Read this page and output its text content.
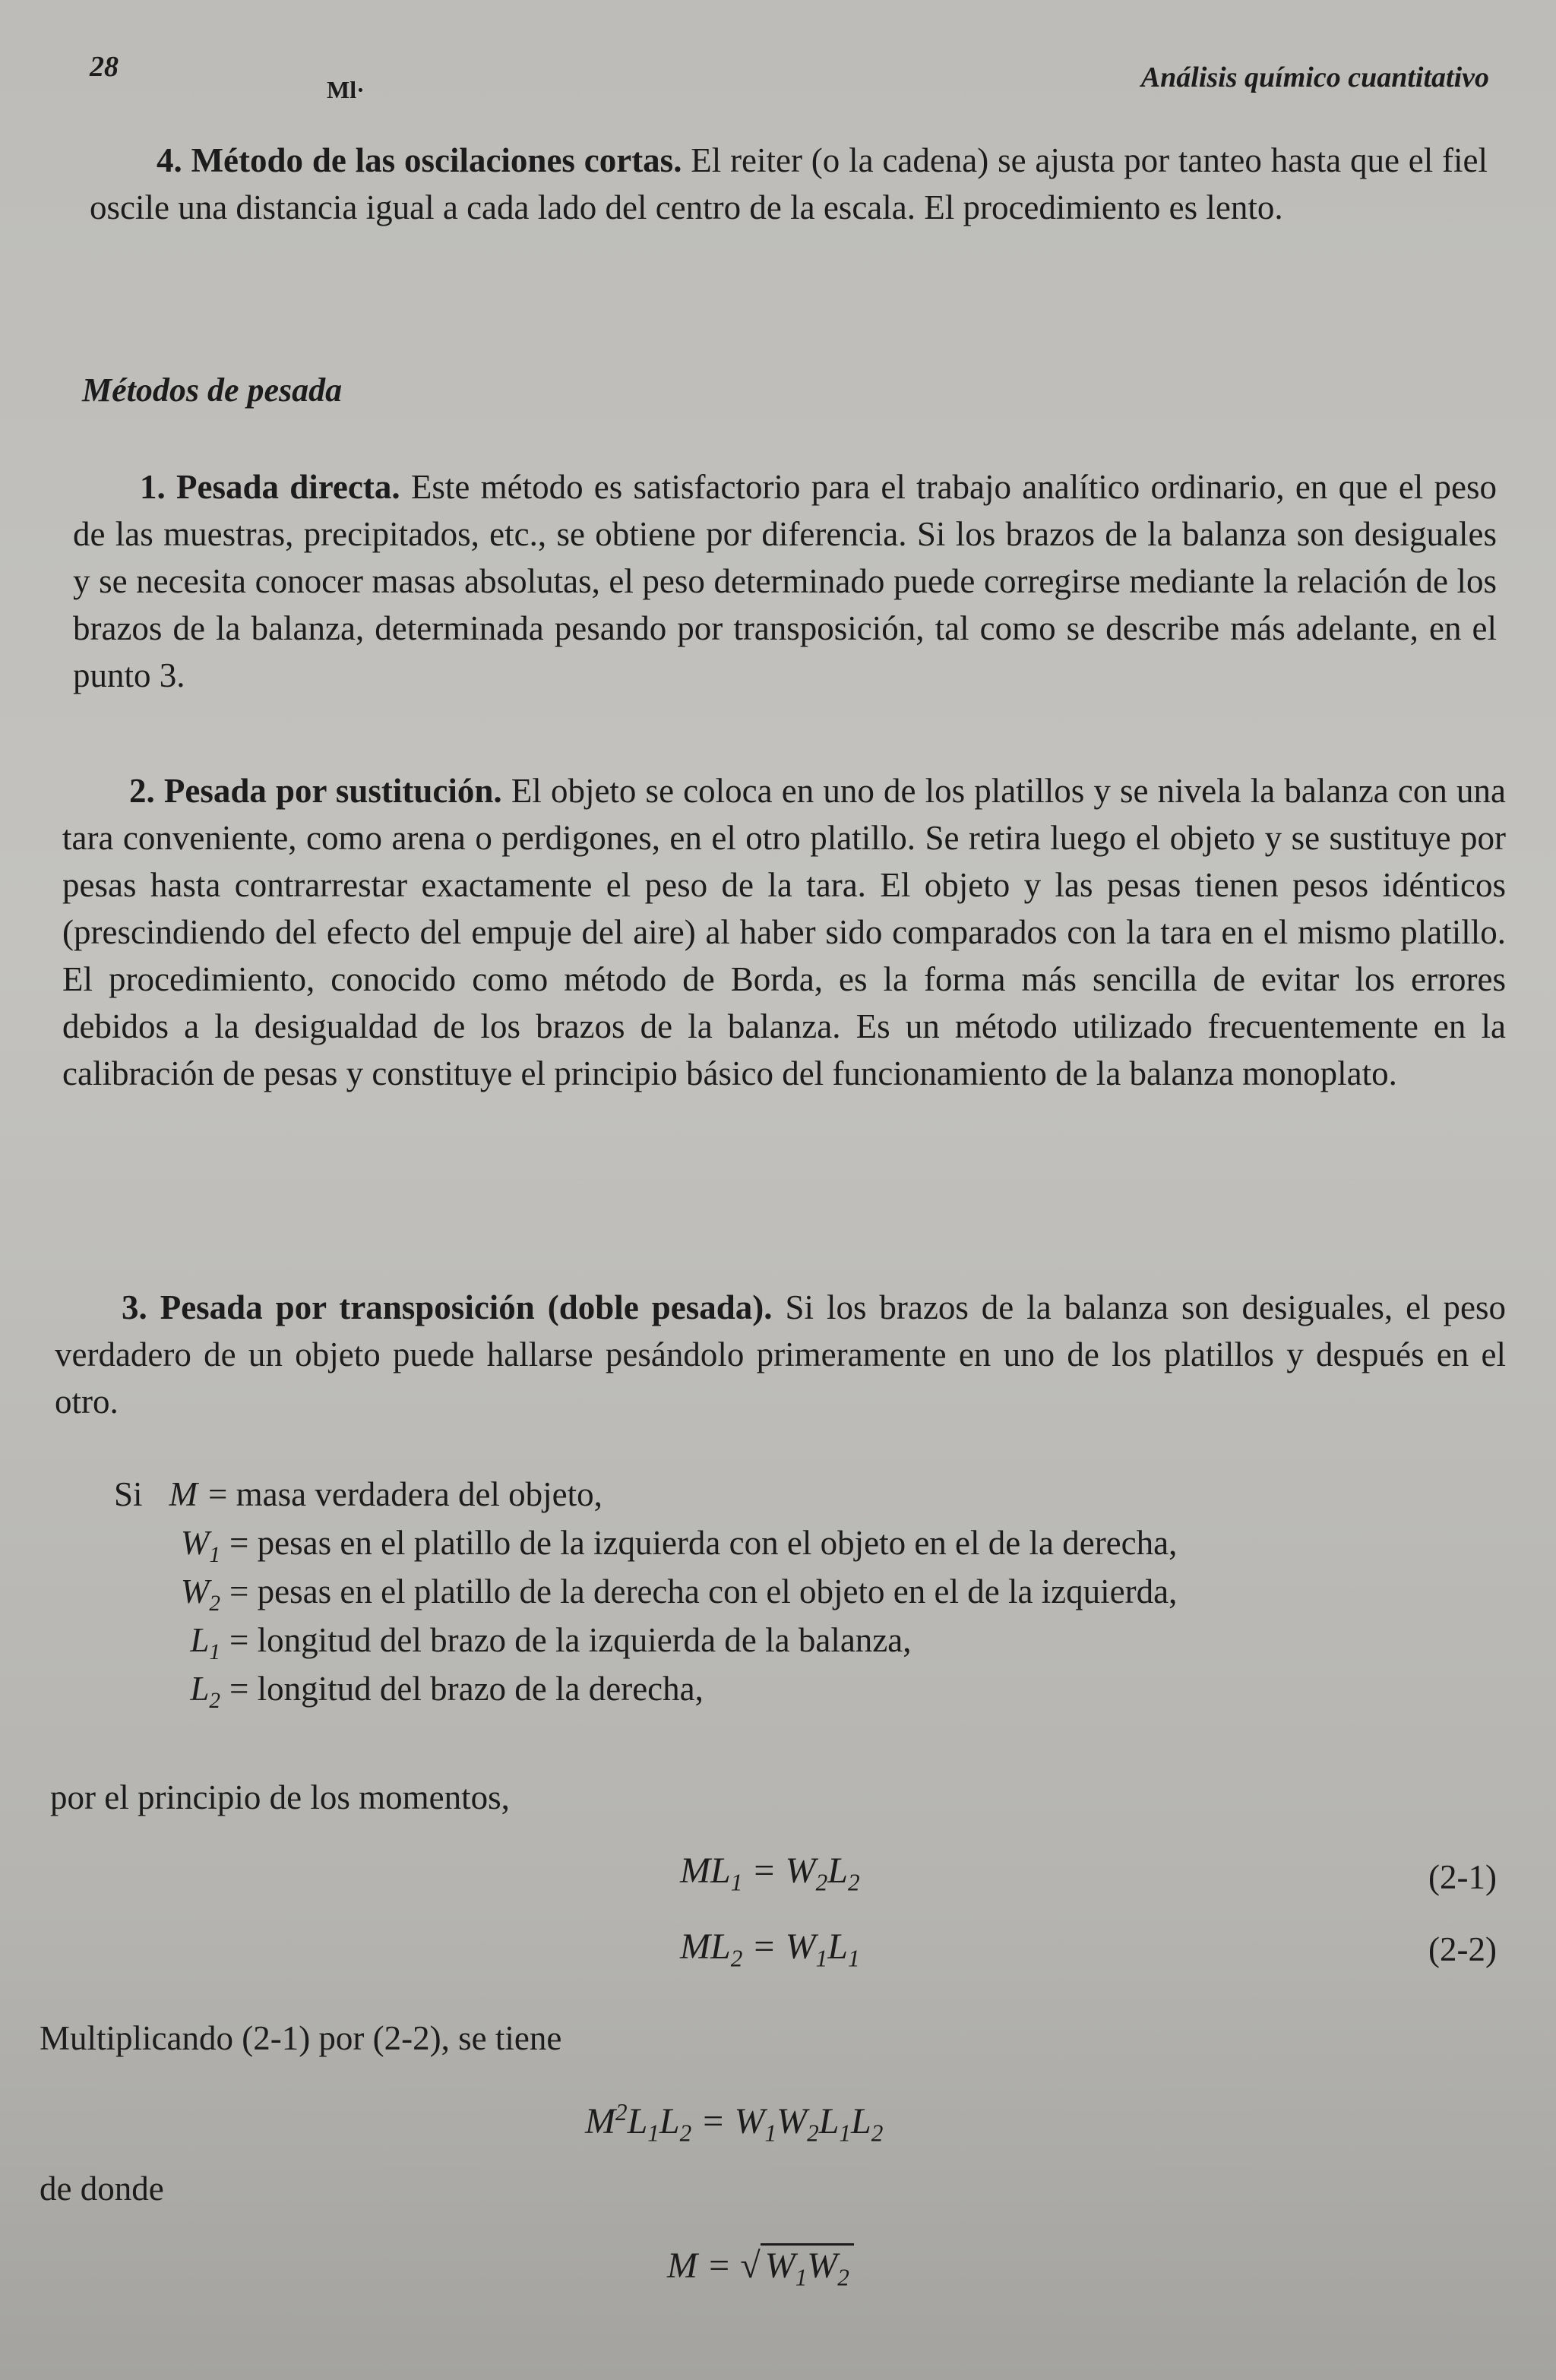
28
Ml·	Análisis químico cuantitativo

4. Método de las oscilaciones cortas. El reiter (o la cadena) se ajusta por tanteo hasta que el fiel oscile una distancia igual a cada lado del centro de la escala. El procedimiento es lento.

Métodos de pesada

1. Pesada directa. Este método es satisfactorio para el trabajo analítico ordinario, en que el peso de las muestras, precipitados, etc., se obtiene por diferencia. Si los brazos de la balanza son desiguales y se necesita conocer masas absolutas, el peso determinado puede corregirse mediante la relación de los brazos de la balanza, determinada pesando por transposición, tal como se describe más adelante, en el punto 3.

2. Pesada por sustitución. El objeto se coloca en uno de los platillos y se nivela la balanza con una tara conveniente, como arena o perdigones, en el otro platillo. Se retira luego el objeto y se sustituye por pesas hasta contrarrestar exactamente el peso de la tara. El objeto y las pesas tienen pesos idénticos (prescindiendo del efecto del empuje del aire) al haber sido comparados con la tara en el mismo platillo. El procedimiento, conocido como método de Borda, es la forma más sencilla de evitar los errores debidos a la desigualdad de los brazos de la balanza. Es un método utilizado frecuentemente en la calibración de pesas y constituye el principio básico del funcionamiento de la balanza monoplato.

3. Pesada por transposición (doble pesada). Si los brazos de la balanza son desiguales, el peso verdadero de un objeto puede hallarse pesándolo primeramente en uno de los platillos y después en el otro.

Si M = masa verdadera del objeto,
$W_1$ = pesas en el platillo de la izquierda con el objeto en el de la derecha,
$W_2$ = pesas en el platillo de la derecha con el objeto en el de la izquierda,
$L_1$ = longitud del brazo de la izquierda de la balanza,
$L_2$ = longitud del brazo de la derecha,
por el principio de los momentos,
$ML_1 = W_2L_2$	(2-1)
$ML_2 = W_1L_1$	(2-2)
Multiplicando (2-1) por (2-2), se tiene
$M^2L_1L_2 = W_1W_2L_1L_2$
de donde
M = √ $W_1W_2$
